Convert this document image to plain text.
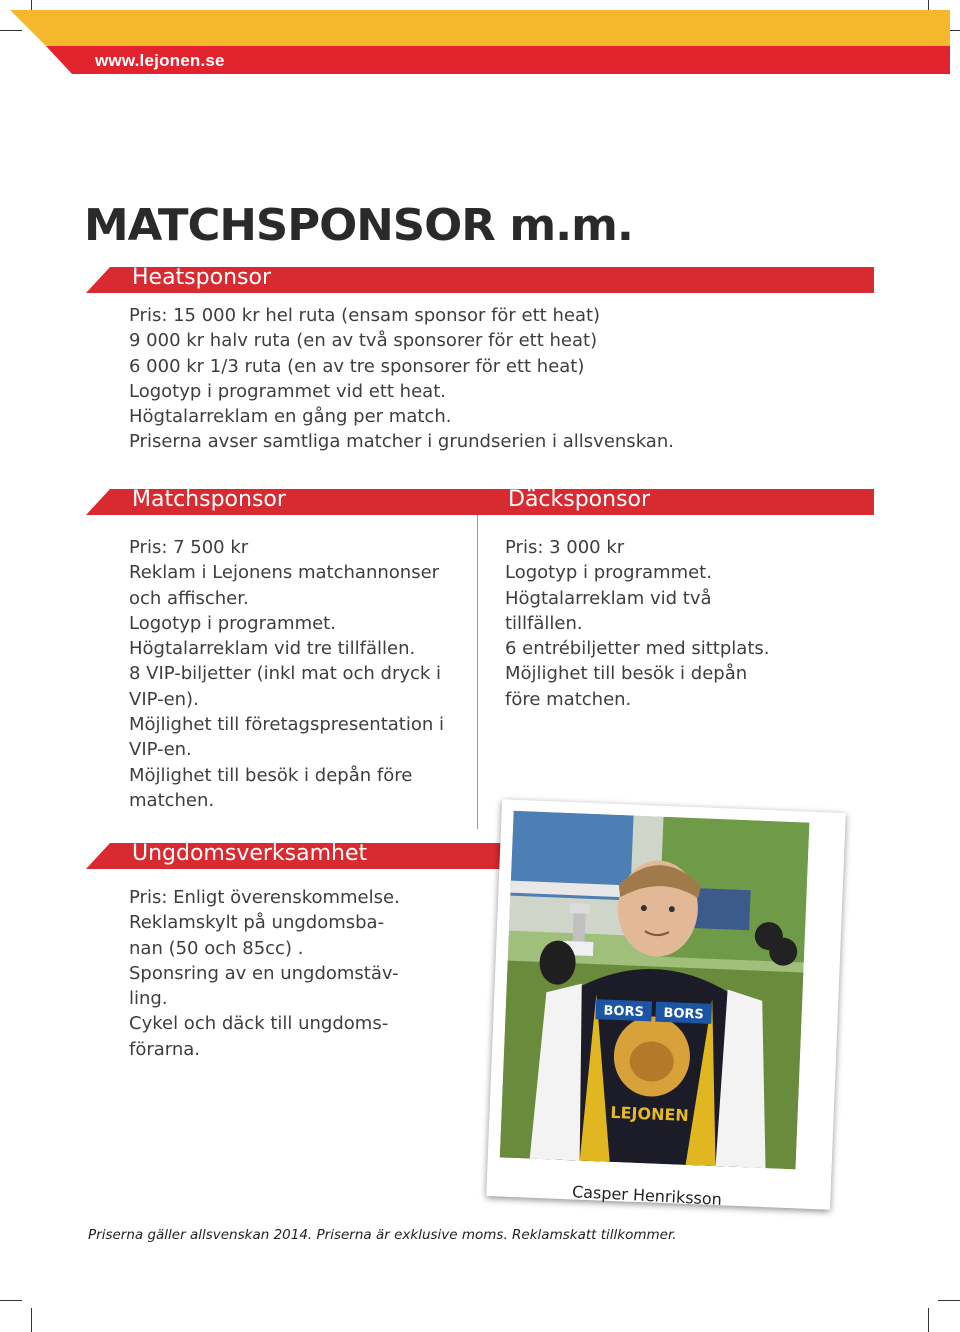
www.lejonen.se
MATCHSPONSOR m.m.
Heatsponsor
Pris: 15 000 kr hel ruta (ensam sponsor för ett heat)
9 000 kr halv ruta (en av två sponsorer för ett heat)
6 000 kr 1/3 ruta (en av tre sponsorer för ett heat)
Logotyp i programmet vid ett heat.
Högtalarreklam en gång per match.
Priserna avser samtliga matcher i grundserien i allsvenskan.
Matchsponsor	Däcksponsor
Pris: 7 500 kr
Reklam i Lejonens matchannonser
och affischer.
Logotyp i programmet.
Högtalarreklam vid tre tillfällen.
8 VIP-biljetter (inkl mat och dryck i
VIP-en).
Möjlighet till företagspresentation i
VIP-en.
Möjlighet till besök i depån före
matchen.
Pris: 3 000 kr
Logotyp i programmet.
Högtalarreklam vid två
tillfällen.
6 entrébiljetter med sittplats.
Möjlighet till besök i depån
före matchen.
Ungdomsverksamhet
Pris: Enligt överenskommelse.
Reklamskylt på ungdomsba-
nan (50 och 85cc) .
Sponsring av en ungdomstäv-
ling.
Cykel och däck till ungdoms-
förarna.
BORS BORS
LEJONEN
Casper Henriksson
Priserna gäller allsvenskan 2014. Priserna är exklusive moms. Reklamskatt tillkommer.
